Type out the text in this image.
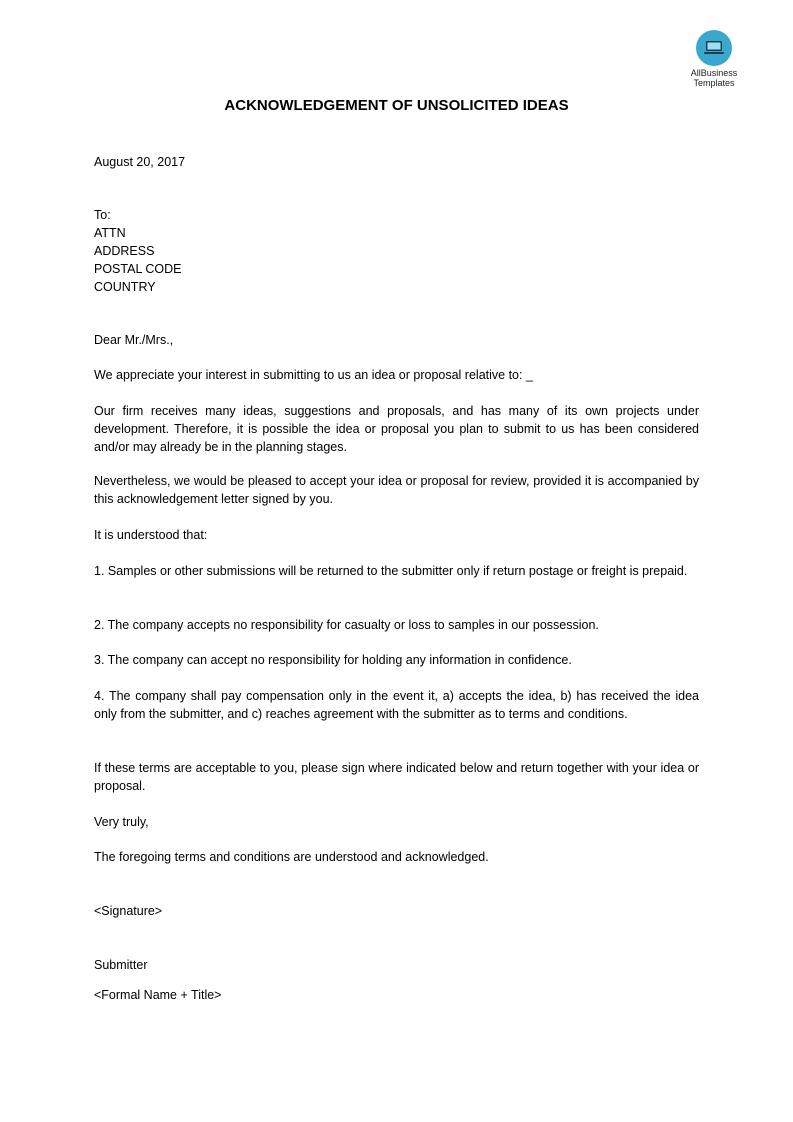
AllBusiness
Templates
ACKNOWLEDGEMENT OF UNSOLICITED IDEAS
August 20, 2017
To:
ATTN
ADDRESS
POSTAL CODE
COUNTRY
Dear Mr./Mrs.,
We appreciate your interest in submitting to us an idea or proposal relative to: _
Our firm receives many ideas, suggestions and proposals, and has many of its own projects under development. Therefore, it is possible the idea or proposal you plan to submit to us has been considered and/or may already be in the planning stages.
Nevertheless, we would be pleased to accept your idea or proposal for review, provided it is accompanied by this acknowledgement letter signed by you.
It is understood that:
1. Samples or other submissions will be returned to the submitter only if return postage or freight is prepaid.
2. The company accepts no responsibility for casualty or loss to samples in our possession.
3. The company can accept no responsibility for holding any information in confidence.
4. The company shall pay compensation only in the event it, a) accepts the idea, b) has received the idea only from the submitter, and c) reaches agreement with the submitter as to terms and conditions.
If these terms are acceptable to you, please sign where indicated below and return together with your idea or proposal.
Very truly,
The foregoing terms and conditions are understood and acknowledged.
<Signature>
Submitter
<Formal Name + Title>
